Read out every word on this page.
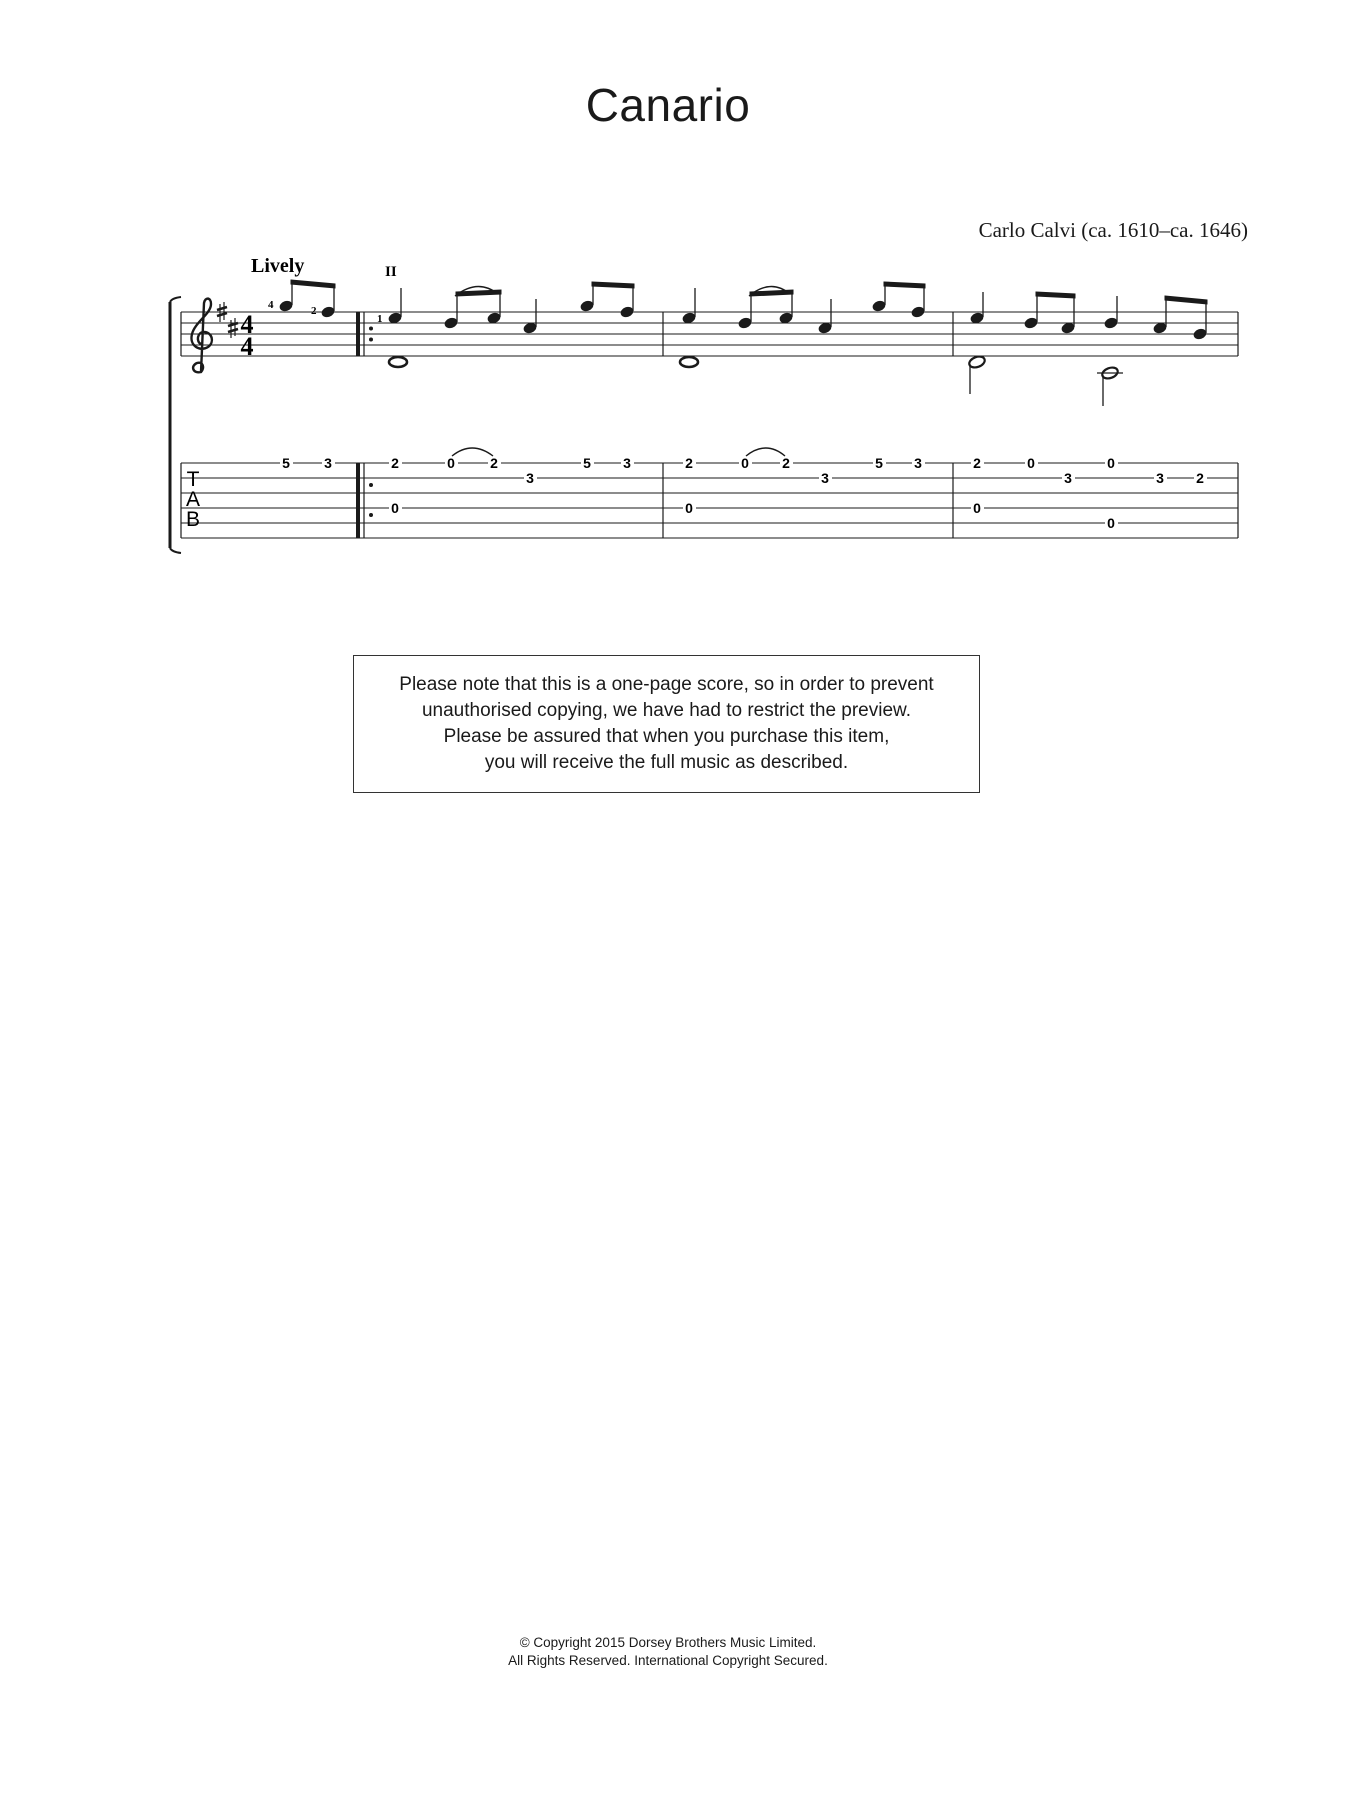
Canario
Carlo Calvi (ca. 1610–ca. 1646)
Lively	II
4
4
4	2
1
T
A
B
5 3	2	0	2
3
5 3
0
2	0 2
3
5 3
0
2	0
3
0
3 2
0
0
Please note that this is a one-page score, so in order to prevent
unauthorised copying, we have had to restrict the preview.
Please be assured that when you purchase this item,
you will receive the full music as described.
© Copyright 2015 Dorsey Brothers Music Limited.
All Rights Reserved. International Copyright Secured.
